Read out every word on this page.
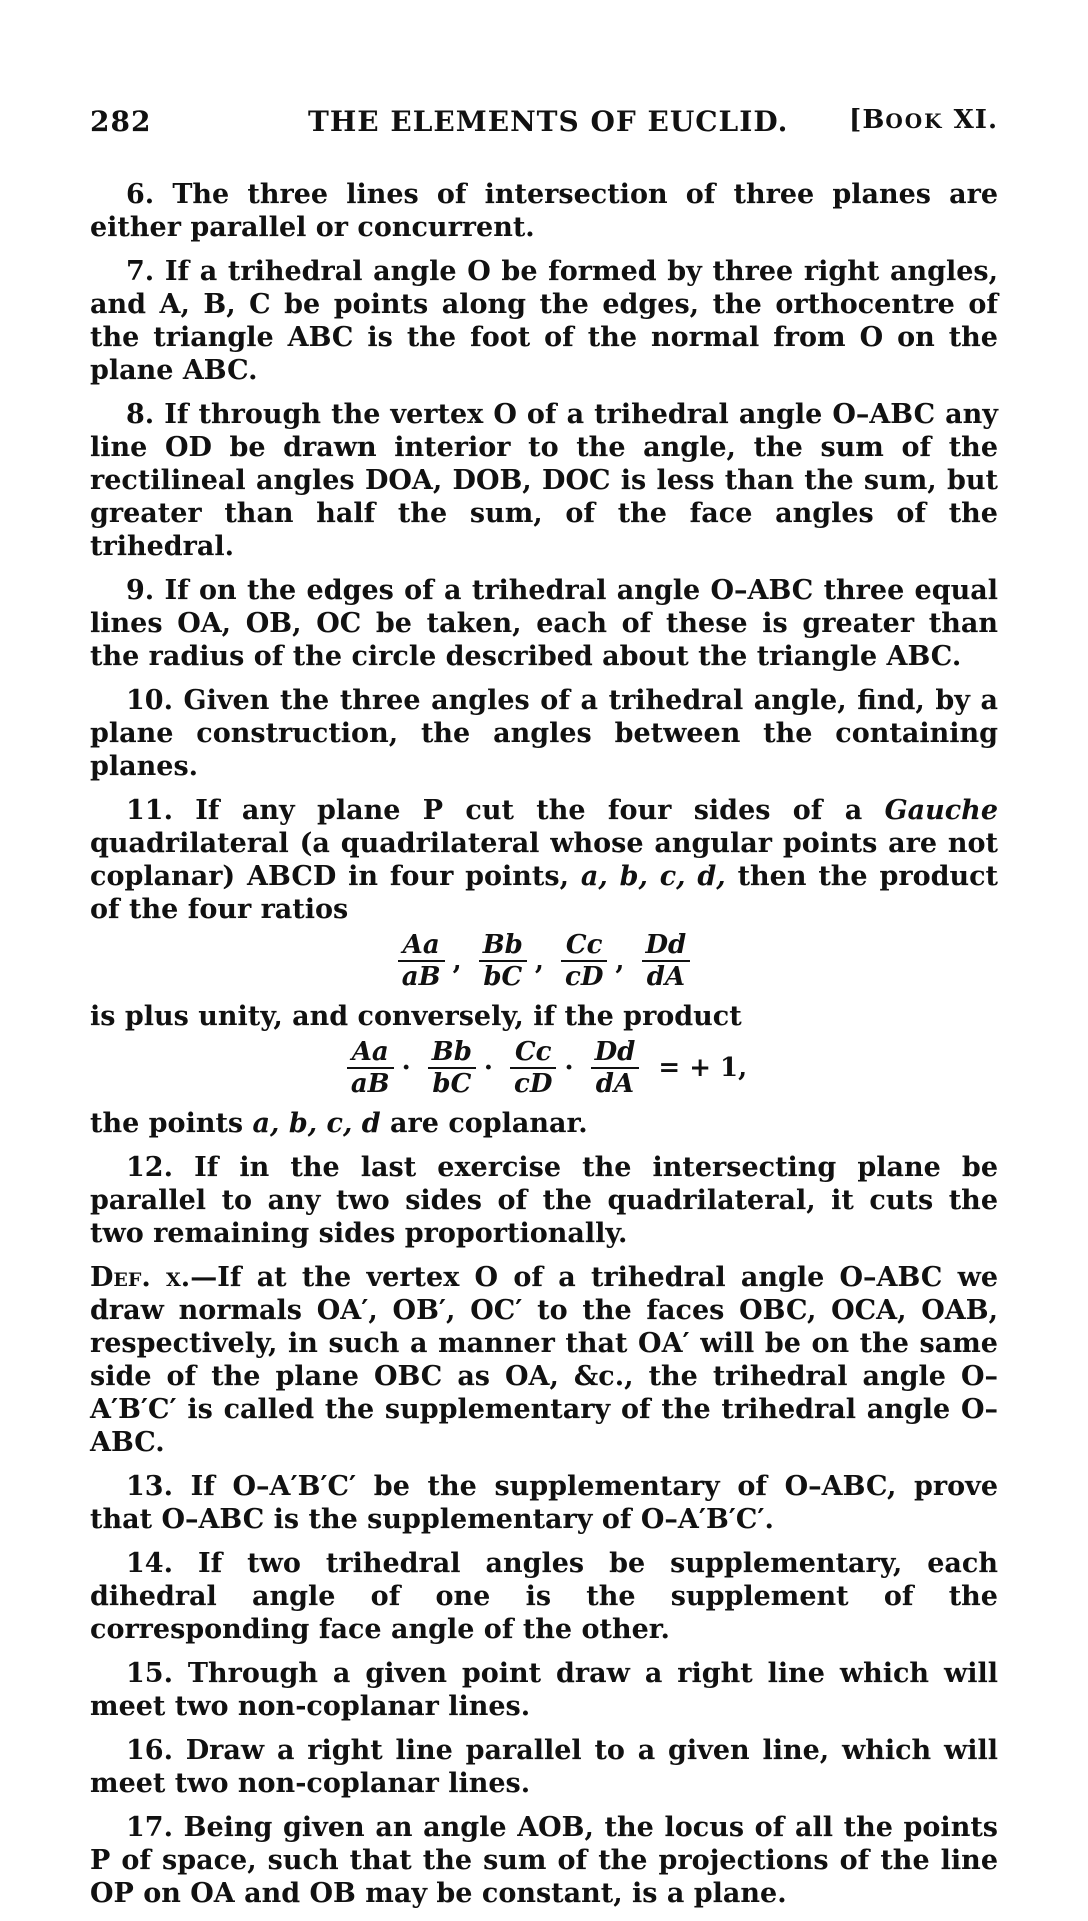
282	THE ELEMENTS OF EUCLID. [BOOK XI.

6. The three lines of intersection of three planes are either parallel or concurrent.

7. If a trihedral angle O be formed by three right angles, and A, B, C be points along the edges, the orthocentre of the triangle ABC is the foot of the normal from O on the plane ABC.

8. If through the vertex O of a trihedral angle O–ABC any line OD be drawn interior to the angle, the sum of the rectilineal angles DOA, DOB, DOC is less than the sum, but greater than half the sum, of the face angles of the trihedral.

9. If on the edges of a trihedral angle O–ABC three equal lines OA, OB, OC be taken, each of these is greater than the radius of the circle described about the triangle ABC.

10. Given the three angles of a trihedral angle, find, by a plane construction, the angles between the containing planes.

11. If any plane P cut the four sides of a Gauche quadrilateral (a quadrilateral whose angular points are not coplanar) ABCD in four points, a, b, c, d, then the product of the four ratios

$\frac{Aa}{aB}$ , $\frac{Bb}{bC}$ , $\frac{Cc}{cD}$ , $\frac{Dd}{dA}$

is plus unity, and conversely, if the product

$\frac{Aa}{aB} \cdot \frac{Bb}{bC} \cdot \frac{Cc}{cD} \cdot \frac{Dd}{dA}$ = + 1,

the points a, b, c, d are coplanar.

12. If in the last exercise the intersecting plane be parallel to any two sides of the quadrilateral, it cuts the two remaining sides proportionally.

Def. x.—If at the vertex O of a trihedral angle O–ABC we draw normals OA′, OB′, OC′ to the faces OBC, OCA, OAB, respectively, in such a manner that OA′ will be on the same side of the plane OBC as OA, &c., the trihedral angle O–A′B′C′ is called the supplementary of the trihedral angle O–ABC.

13. If O–A′B′C′ be the supplementary of O–ABC, prove that O–ABC is the supplementary of O–A′B′C′.

14. If two trihedral angles be supplementary, each dihedral angle of one is the supplement of the corresponding face angle of the other.

15. Through a given point draw a right line which will meet two non-coplanar lines.

16. Draw a right line parallel to a given line, which will meet two non-coplanar lines.

17. Being given an angle AOB, the locus of all the points P of space, such that the sum of the projections of the line OP on OA and OB may be constant, is a plane.
